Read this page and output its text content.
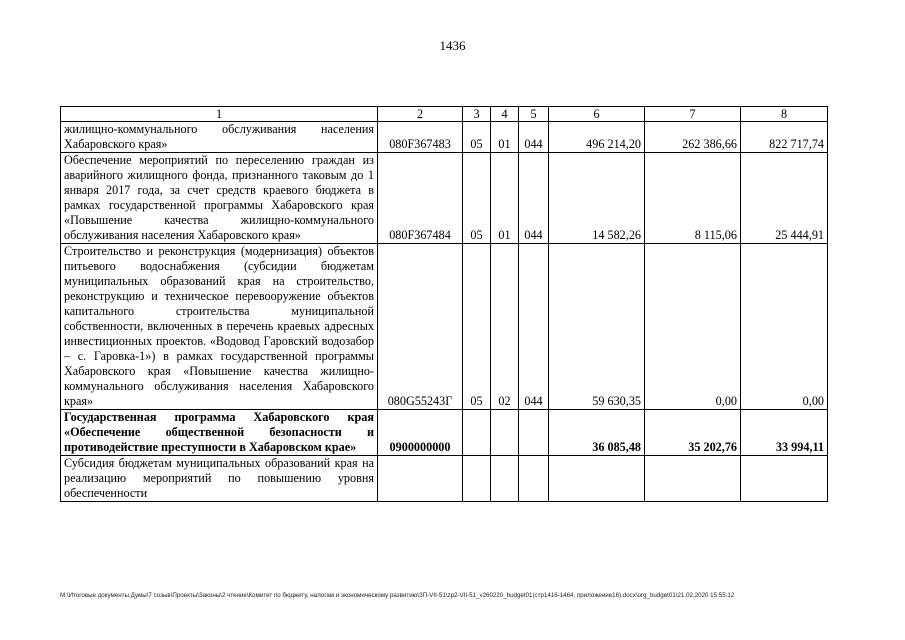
1436
1	2	3	4	5	6	7	8
жилищно-коммунального обслуживания населения Хабаровского края»	080F367483	05	01	044	496 214,20	262 386,66	822 717,74
Обеспечение мероприятий по переселению граждан из аварийного жилищного фонда, признанного таковым до 1 января 2017 года, за счет средств краевого бюджета в рамках государственной программы Хабаровского края «Повышение качества жилищно-коммунального обслуживания населения Хабаровского края»	080F367484	05	01	044	14 582,26	8 115,06	25 444,91
Строительство и реконструкция (модернизация) объектов питьевого водоснабжения (субсидии бюджетам муниципальных образований края на строительство, реконструкцию и техническое перевооружение объектов капитального строительства муниципальной собственности, включенных в перечень краевых адресных инвестиционных проектов. «Водовод Гаровский водозабор – с. Гаровка-1») в рамках государственной программы Хабаровского края «Повышение качества жилищно-коммунального обслуживания населения Хабаровского края»	080G55243Г	05	02	044	59 630,35	0,00	0,00
Государственная программа Хабаровского края «Обеспечение общественной безопасности и противодействие преступности в Хабаровском крае»	0900000000				36 085,48	35 202,76	33 994,11
Субсидия бюджетам муниципальных образований края на реализацию мероприятий по повышению уровня обеспеченности							
M:\Итоговые документы Думы\7 созыв\Проекты\Законы\2 чтение\Комитет по бюджету, налогам и экономическому развитию\ЗП-VII-51\zp2-VII-51_v260220_budget01(стр1416-1464, приложение16).docx\org_budget01\21.02.2020 15:55:12
